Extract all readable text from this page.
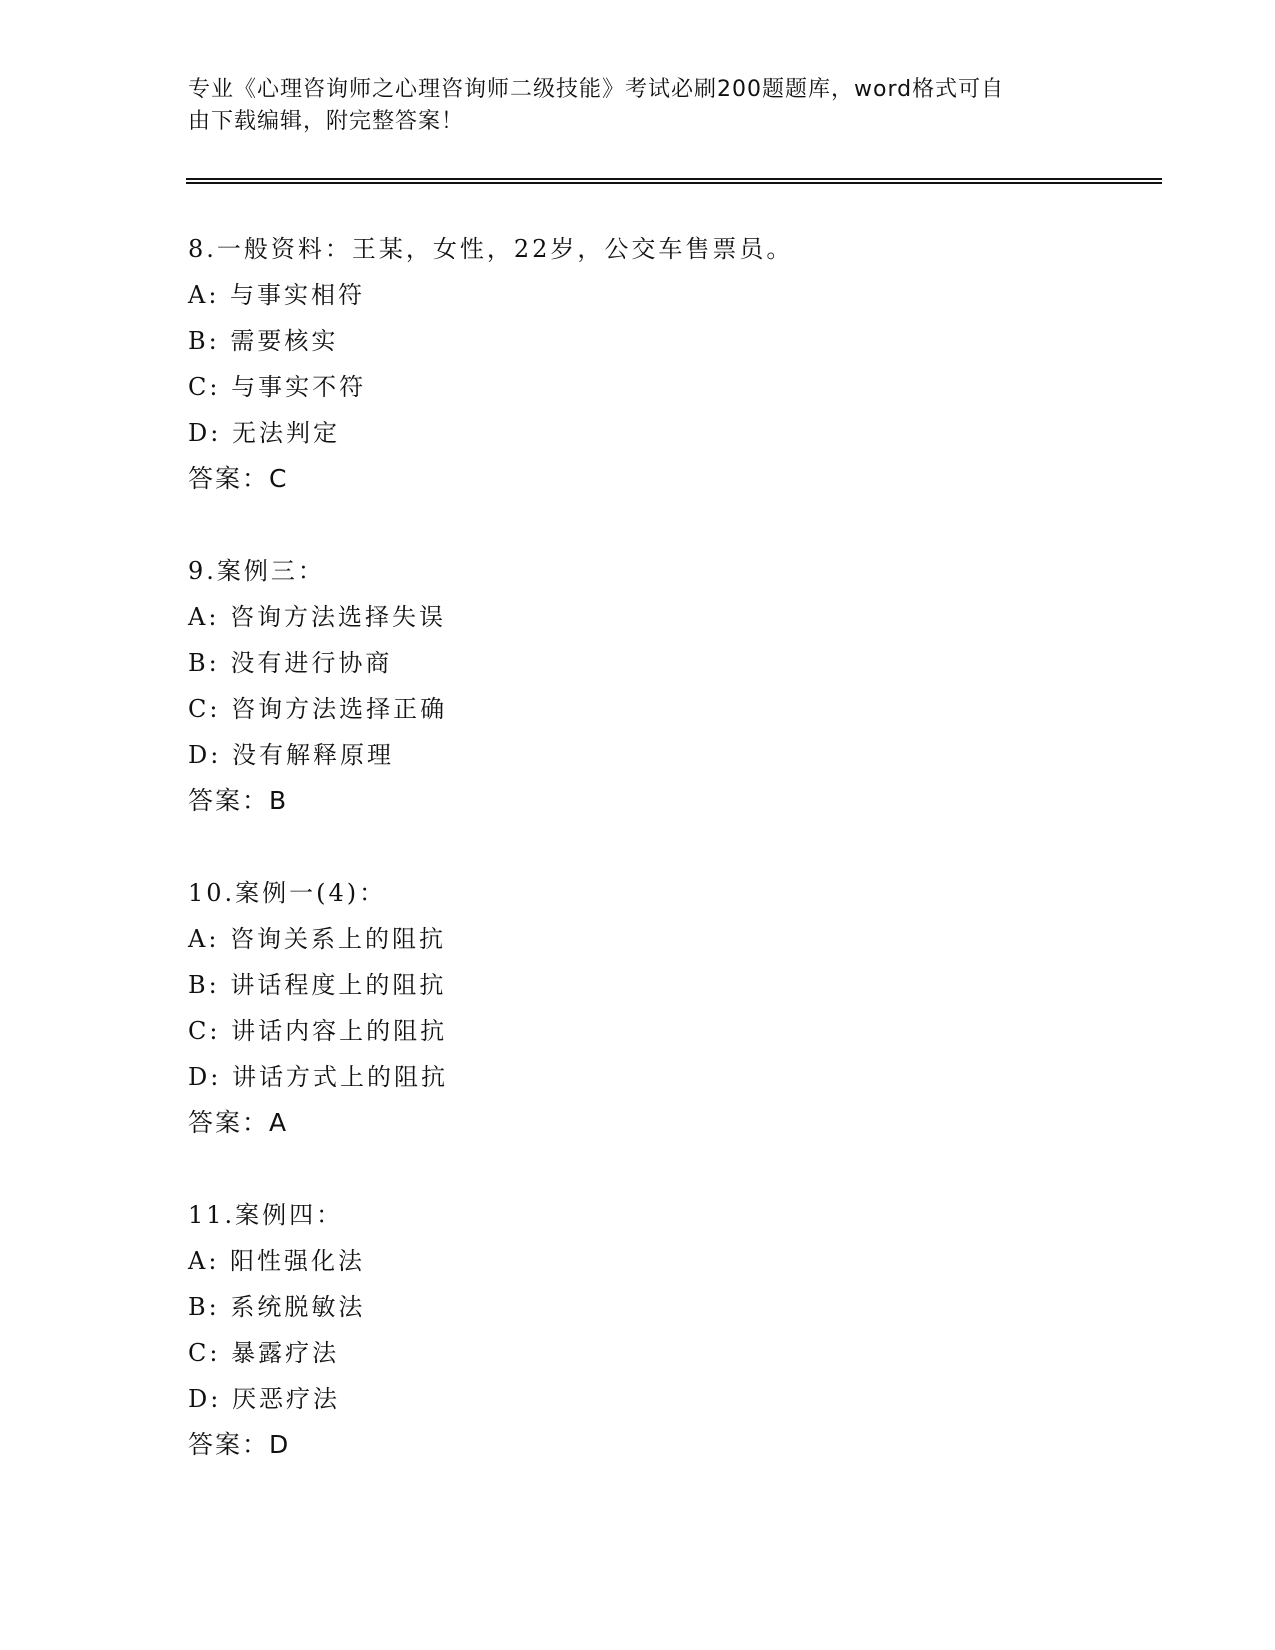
专业《心理咨询师之心理咨询师二级技能》考试必刷200题题库，word格式可自
由下载编辑，附完整答案！
8.一般资料：王某，女性，22岁，公交车售票员。
A: 与事实相符
B: 需要核实
C: 与事实不符
D: 无法判定
答案：C
9.案例三：
A: 咨询方法选择失误
B: 没有进行协商
C: 咨询方法选择正确
D: 没有解释原理
答案：B
10.案例一(4)：
A: 咨询关系上的阻抗
B: 讲话程度上的阻抗
C: 讲话内容上的阻抗
D: 讲话方式上的阻抗
答案：A
11.案例四：
A: 阳性强化法
B: 系统脱敏法
C: 暴露疗法
D: 厌恶疗法
答案：D
